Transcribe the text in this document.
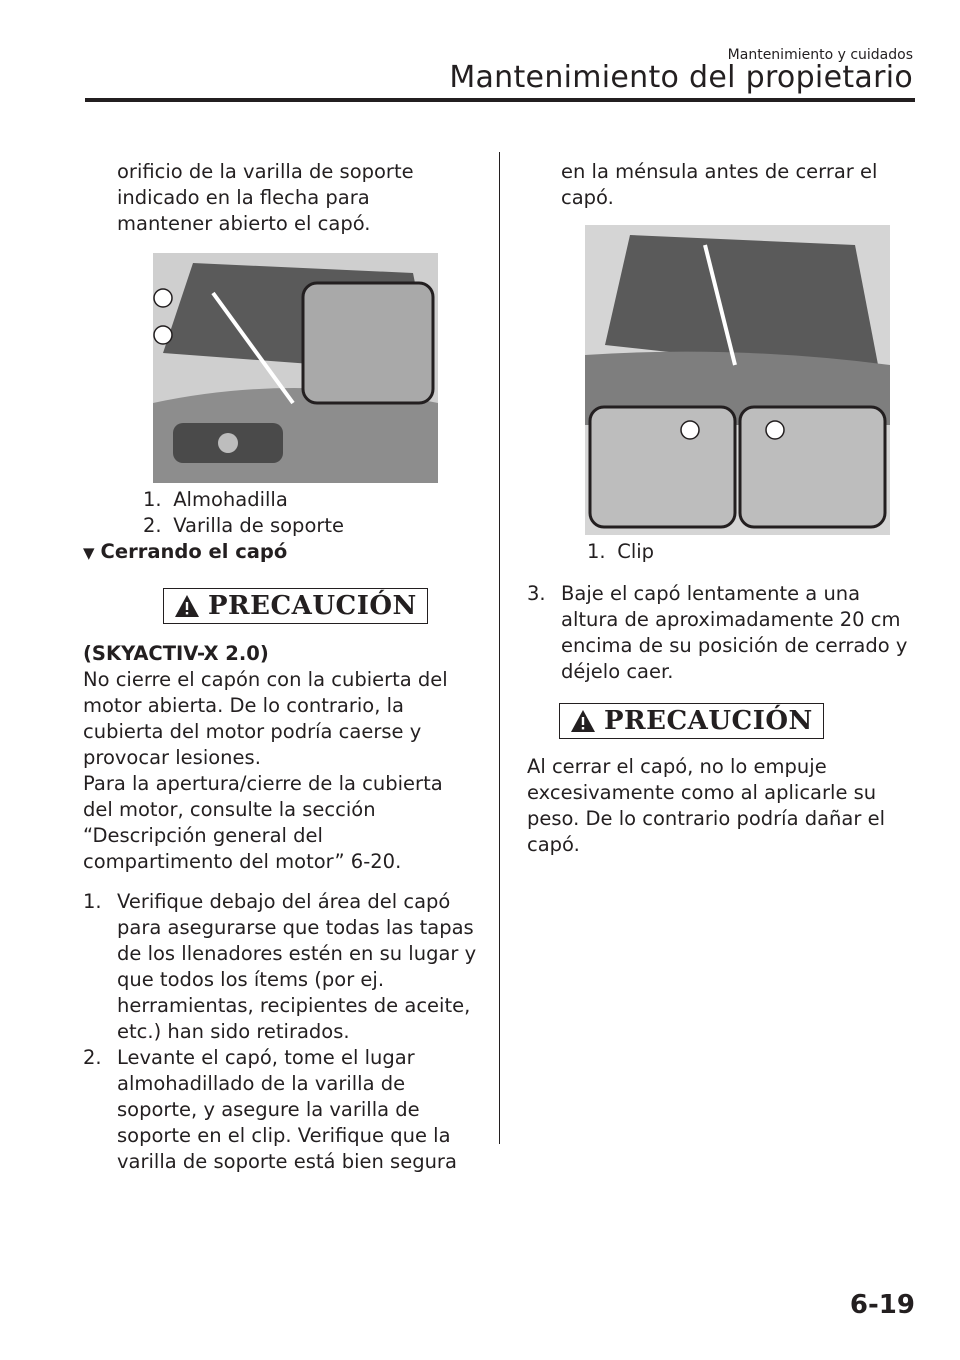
Mantenimiento y cuidados
Mantenimiento del propietario

orificio de la varilla de soporte

indicado en la flecha para

mantener abierto el capó.

1. Almohadilla
2. Varilla de soporte

▼ Cerrando el capó

PRECAUCIÓN

(SKYACTIV-X 2.0)

No cierre el capón con la cubierta del

motor abierta. De lo contrario, la

cubierta del motor podría caerse y

provocar lesiones.

Para la apertura/cierre de la cubierta

del motor, consulte la sección

“Descripción general del

compartimento del motor” 6-20.

1. Verifique debajo del área del capó

para asegurarse que todas las tapas

de los llenadores estén en su lugar y

que todos los ítems (por ej.

herramientas, recipientes de aceite,

etc.) han sido retirados.

2. Levante el capó, tome el lugar

almohadillado de la varilla de

soporte, y asegure la varilla de

soporte en el clip. Verifique que la

varilla de soporte está bien segura

en la ménsula antes de cerrar el

capó.

1. Clip
3. Baje el capó lentamente a una

altura de aproximadamente 20 cm

encima de su posición de cerrado y

déjelo caer.

PRECAUCIÓN

Al cerrar el capó, no lo empuje

excesivamente como al aplicarle su

peso. De lo contrario podría dañar el

capó.

6-19
